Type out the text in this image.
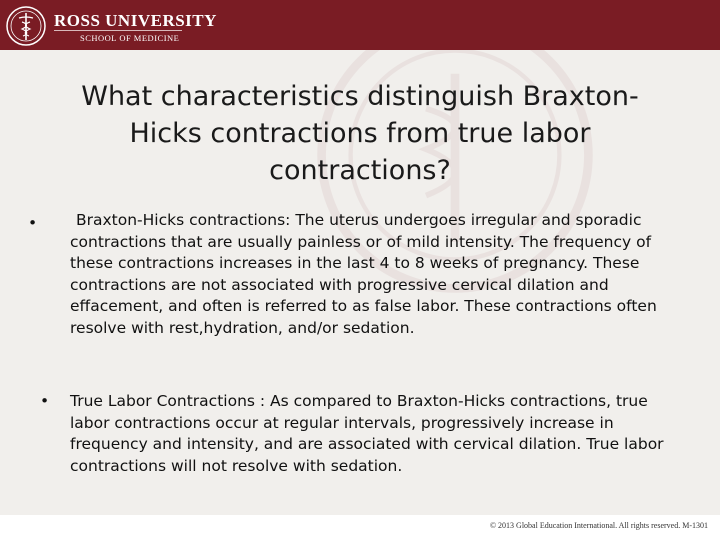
ROSS UNIVERSITY
SCHOOL OF MEDICINE
What characteristics distinguish Braxton-Hicks contractions from true labor contractions?
•	Braxton-Hicks contractions: The uterus undergoes irregular and sporadic contractions that are usually painless or of mild intensity. The frequency of these contractions increases in the last 4 to 8 weeks of pregnancy. These contractions are not associated with progressive cervical dilation and effacement, and often is referred to as false labor. These contractions often resolve with rest,hydration, and/or sedation.
• True Labor Contractions : As compared to Braxton-Hicks contractions, true labor contractions occur at regular intervals, progressively increase in frequency and intensity, and are associated with cervical dilation. True labor contractions will not resolve with sedation.
© 2013 Global Education International. All rights reserved. M-1301
